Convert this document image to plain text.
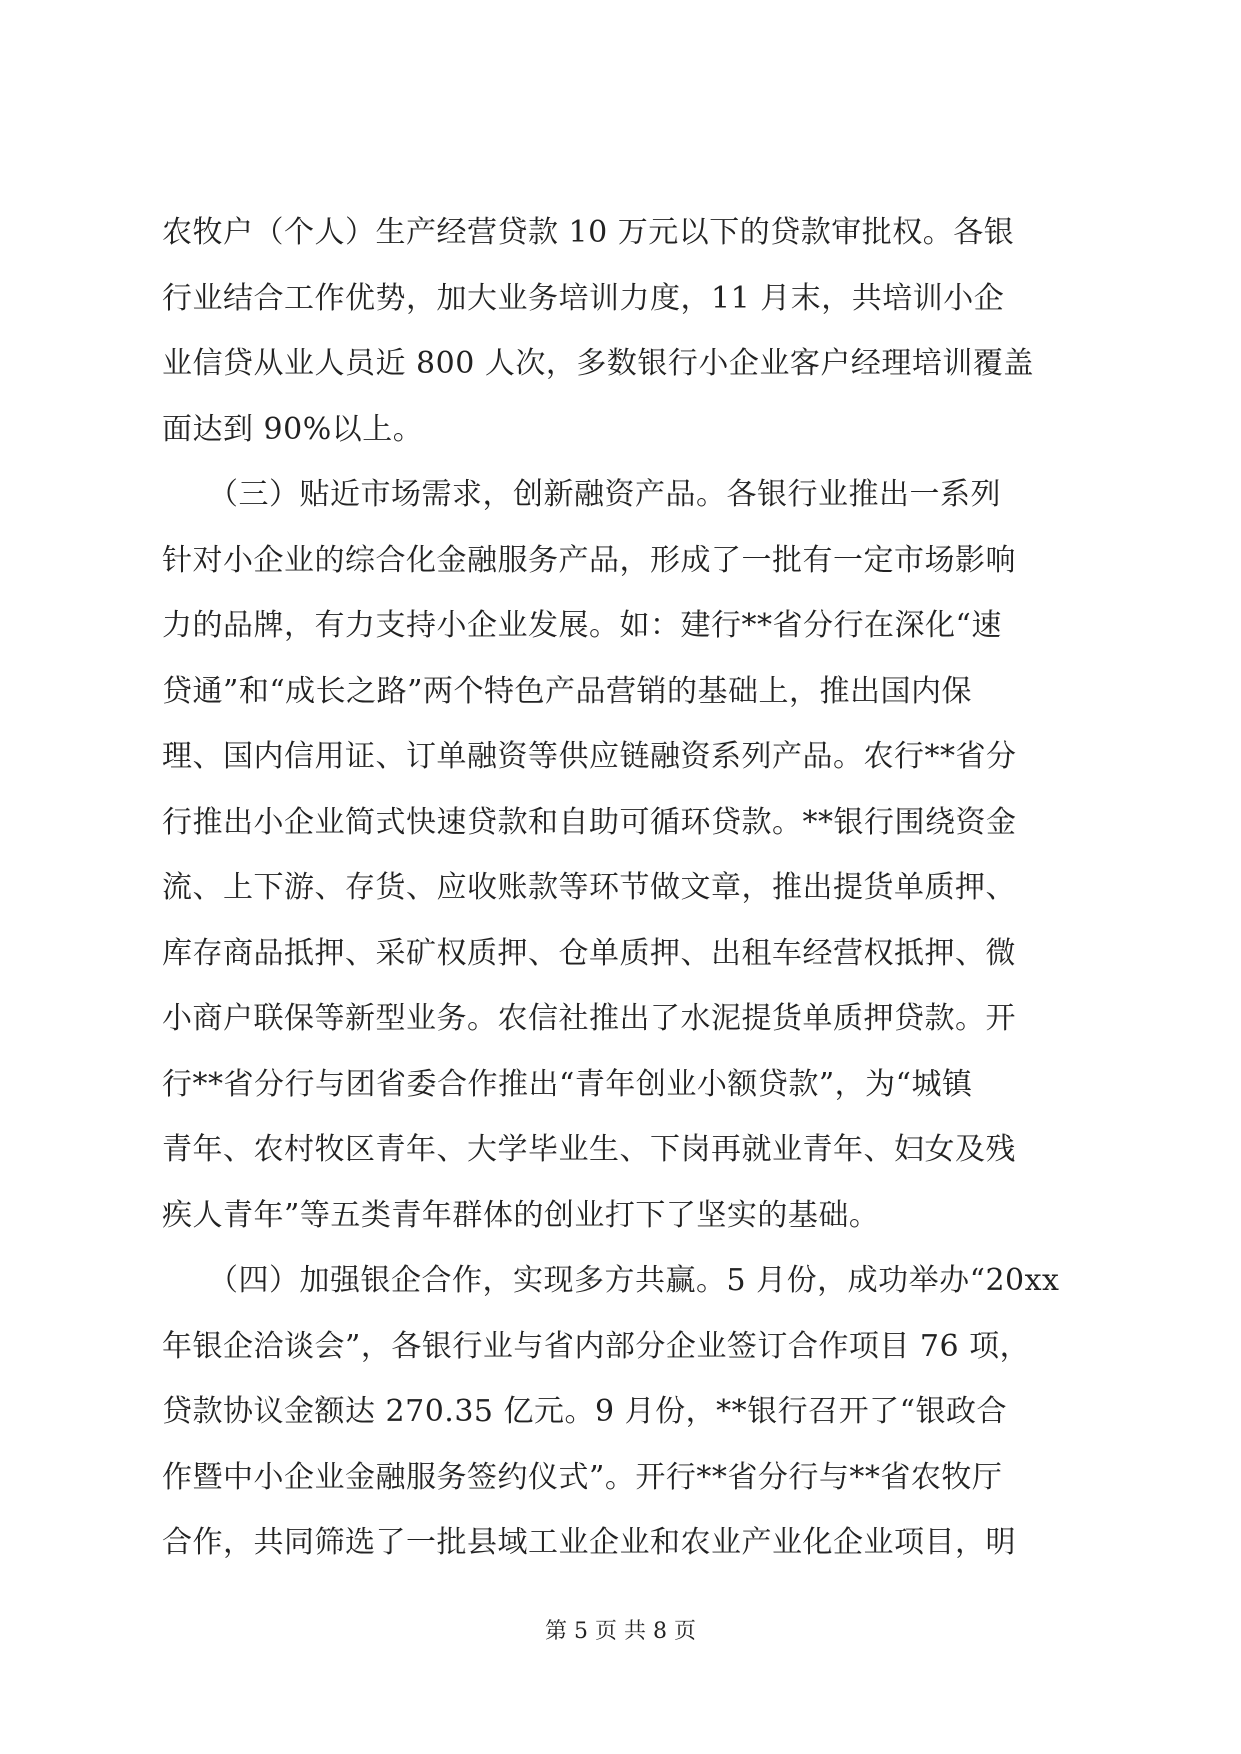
农牧户（个人）生产经营贷款 10 万元以下的贷款审批权。各银
行业结合工作优势，加大业务培训力度，11 月末，共培训小企
业信贷从业人员近 800 人次，多数银行小企业客户经理培训覆盖
面达到 90%以上。
　　（三）贴近市场需求，创新融资产品。各银行业推出一系列
针对小企业的综合化金融服务产品，形成了一批有一定市场影响
力的品牌，有力支持小企业发展。如：建行**省分行在深化“速
贷通”和“成长之路”两个特色产品营销的基础上，推出国内保
理、国内信用证、订单融资等供应链融资系列产品。农行**省分
行推出小企业简式快速贷款和自助可循环贷款。**银行围绕资金
流、上下游、存货、应收账款等环节做文章，推出提货单质押、
库存商品抵押、采矿权质押、仓单质押、出租车经营权抵押、微
小商户联保等新型业务。农信社推出了水泥提货单质押贷款。开
行**省分行与团省委合作推出“青年创业小额贷款”，为“城镇
青年、农村牧区青年、大学毕业生、下岗再就业青年、妇女及残
疾人青年”等五类青年群体的创业打下了坚实的基础。
　　（四）加强银企合作，实现多方共赢。5 月份，成功举办“20xx
年银企洽谈会”，各银行业与省内部分企业签订合作项目 76 项，
贷款协议金额达 270.35 亿元。9 月份，**银行召开了“银政合
作暨中小企业金融服务签约仪式”。开行**省分行与**省农牧厅
合作，共同筛选了一批县域工业企业和农业产业化企业项目，明
第 5 页 共 8 页
